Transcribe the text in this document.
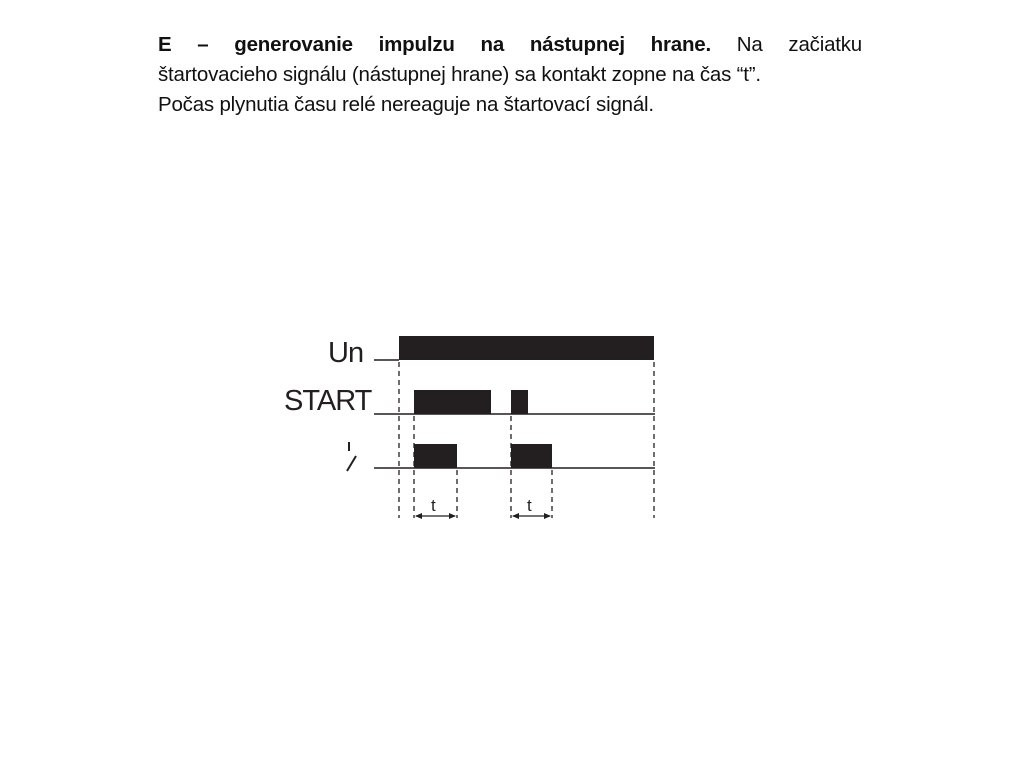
E – generovanie impulzu na nástupnej hrane. Na začiatku
štartovacieho signálu (nástupnej hrane) sa kontakt zopne na čas “t”.
Počas plynutia času relé nereaguje na štartovací signál.
Un
START
t	t
